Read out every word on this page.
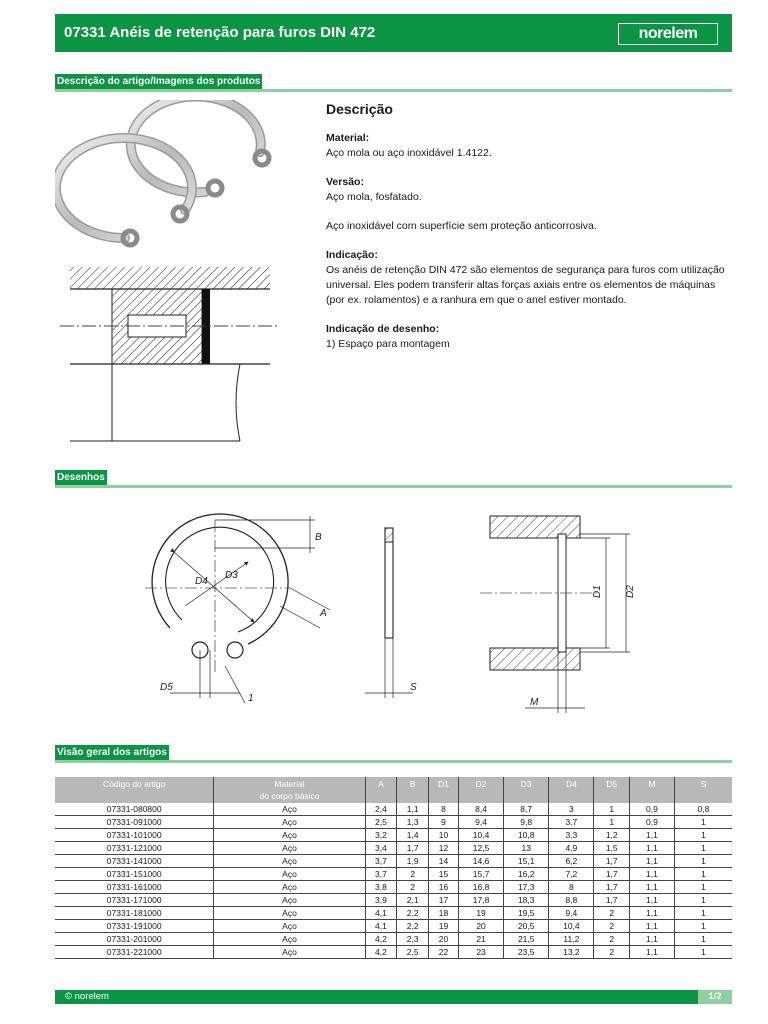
07331 Anéis de retenção para furos DIN 472	norelem
Descrição do artigo/Imagens dos produtos
Descrição

Material:

Aço mola ou aço inoxidável 1.4122.

Versão:

Aço mola, fosfatado.

Aço inoxidável com superfície sem proteção anticorrosiva.

Indicação:

Os anéis de retenção DIN 472 são elementos de segurança para furos com utilização universal. Eles podem transferir altas forças axiais entre os elementos de máquinas (por ex. rolamentos) e a ranhura em que o anel estiver montado.

Indicação de desenho:

1) Espaço para montagem

Desenhos
D4
D3
B
A
D5
1
S
D1 D2
M
Visão geral dos artigos
Código do artigo	Material
do corpo básico	A	B	D1	D2	D3	D4	D5	M	S
07331-080800	Aço	2,4	1,1	8	8,4	8,7	3	1	0,9	0,8
07331-091000	Aço	2,5	1,3	9	9,4	9,8	3,7	1	0,9	1
07331-101000	Aço	3,2	1,4	10	10,4	10,8	3,3	1,2	1,1	1
07331-121000	Aço	3,4	1,7	12	12,5	13	4,9	1,5	1,1	1
07331-141000	Aço	3,7	1,9	14	14,6	15,1	6,2	1,7	1,1	1
07331-151000	Aço	3,7	2	15	15,7	16,2	7,2	1,7	1,1	1
07331-161000	Aço	3,8	2	16	16,8	17,3	8	1,7	1,1	1
07331-171000	Aço	3,9	2,1	17	17,8	18,3	8,8	1,7	1,1	1
07331-181000	Aço	4,1	2,2	18	19	19,5	9,4	2	1,1	1
07331-191000	Aço	4,1	2,2	19	20	20,5	10,4	2	1,1	1
07331-201000	Aço	4,2	2,3	20	21	21,5	11,2	2	1,1	1
07331-221000	Aço	4,2	2,5	22	23	23,5	13,2	2	1,1	1
© norelem	1/2
